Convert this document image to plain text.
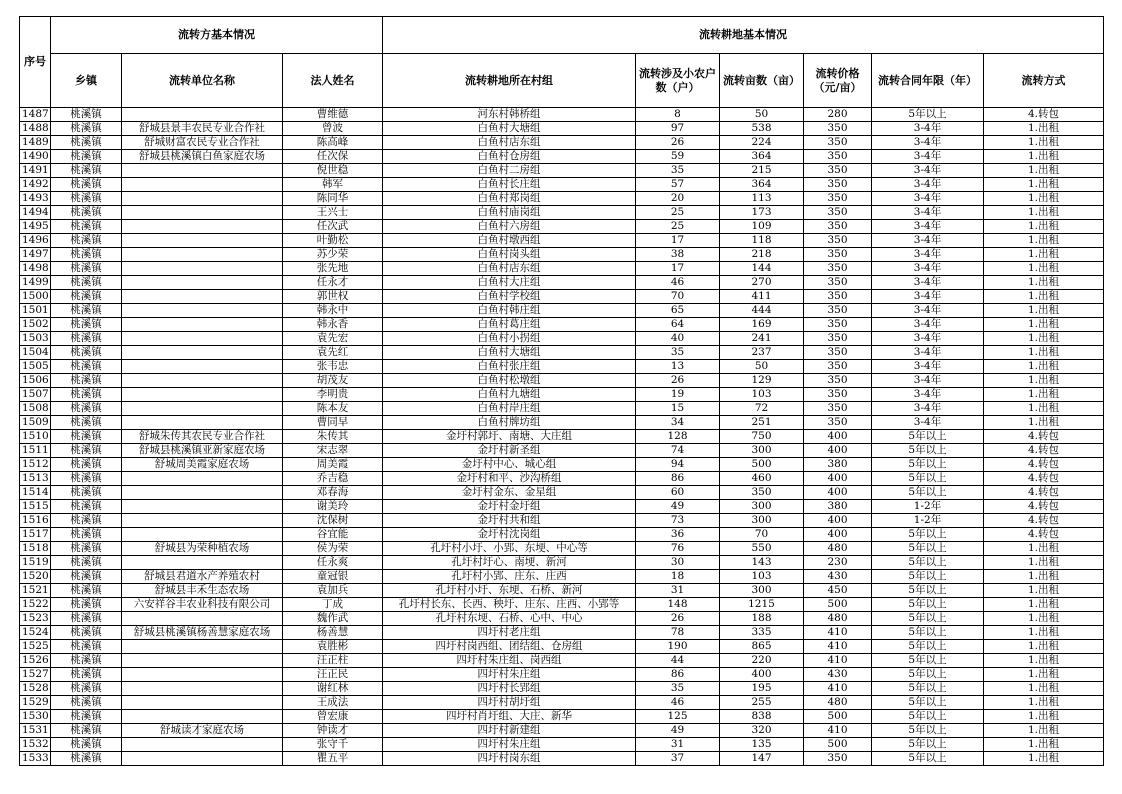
序号	流转方基本情况			流转耕地基本情况					
	乡镇	流转单位名称	法人姓名	流转耕地所在村组	流转涉及小农户数（户）	流转亩数（亩）	流转价格（元/亩）	流转合同年限（年）	流转方式
1487	桃溪镇		曹维德	河东村韩桥组	8	50	280	5年以上	4.转包
1488	桃溪镇	舒城县景丰农民专业合作社	曾波	白鱼村大塘组	97	538	350	3-4年	1.出租
1489	桃溪镇	舒城财富农民专业合作社	陈高峰	白鱼村店东组	26	224	350	3-4年	1.出租
1490	桃溪镇	舒城县桃溪镇白鱼家庭农场	任次保	白鱼村仓房组	59	364	350	3-4年	1.出租
1491	桃溪镇		倪世稳	白鱼村二房组	35	215	350	3-4年	1.出租
1492	桃溪镇		韩军	白鱼村长庄组	57	364	350	3-4年	1.出租
1493	桃溪镇		陈同华	白鱼村郑岗组	20	113	350	3-4年	1.出租
1494	桃溪镇		王兴士	白鱼村庙岗组	25	173	350	3-4年	1.出租
1495	桃溪镇		任次武	白鱼村六房组	25	109	350	3-4年	1.出租
1496	桃溪镇		叶勤松	白鱼村墩西组	17	118	350	3-4年	1.出租
1497	桃溪镇		苏少荣	白鱼村岗头组	38	218	350	3-4年	1.出租
1498	桃溪镇		张先地	白鱼村店东组	17	144	350	3-4年	1.出租
1499	桃溪镇		任永才	白鱼村大庄组	46	270	350	3-4年	1.出租
1500	桃溪镇		郭世权	白鱼村学校组	70	411	350	3-4年	1.出租
1501	桃溪镇		韩永中	白鱼村韩庄组	65	444	350	3-4年	1.出租
1502	桃溪镇		韩永香	白鱼村葛庄组	64	169	350	3-4年	1.出租
1503	桃溪镇		袁先宏	白鱼村小拐组	40	241	350	3-4年	1.出租
1504	桃溪镇		袁先红	白鱼村大塘组	35	237	350	3-4年	1.出租
1505	桃溪镇		张韦忠	白鱼村张庄组	13	50	350	3-4年	1.出租
1506	桃溪镇		胡茂友	白鱼村松墩组	26	129	350	3-4年	1.出租
1507	桃溪镇		李明贵	白鱼村九塘组	19	103	350	3-4年	1.出租
1508	桃溪镇		陈本友	白鱼村岸庄组	15	72	350	3-4年	1.出租
1509	桃溪镇		曹同早	白鱼村牌坊组	34	251	350	3-4年	1.出租
1510	桃溪镇	舒城朱传其农民专业合作社	朱传其	金圩村郭圩、南塘、大庄组	128	750	400	5年以上	4.转包
1511	桃溪镇	舒城县桃溪镇亚新家庭农场	宋志翠	金圩村新圣组	74	300	400	5年以上	4.转包
1512	桃溪镇	舒城周美霞家庭农场	周美霞	金圩村中心、城心组	94	500	380	5年以上	4.转包
1513	桃溪镇		乔吉稳	金圩村和平、沙沟桥组	86	460	400	5年以上	4.转包
1514	桃溪镇		邓春海	金圩村金东、金星组	60	350	400	5年以上	4.转包
1515	桃溪镇		谢美玲	金圩村金圩组	49	300	380	1-2年	4.转包
1516	桃溪镇		沈保树	金圩村共和组	73	300	400	1-2年	4.转包
1517	桃溪镇		谷宜能	金圩村沈岗组	36	70	400	5年以上	4.转包
1518	桃溪镇	舒城县为荣种植农场	侯为荣	孔圩村小圩、小郢、东埂、中心等	76	550	480	5年以上	1.出租
1519	桃溪镇		任永爽	孔圩村圩心、南埂、新河	30	143	230	5年以上	1.出租
1520	桃溪镇	舒城县君道水产养殖农村	童冠银	孔圩村小郢、庄东、庄西	18	103	430	5年以上	1.出租
1521	桃溪镇	舒城县丰禾生态农场	袁加兵	孔圩村小圩、东埂、石桥、新河	31	300	450	5年以上	1.出租
1522	桃溪镇	六安祥谷丰农业科技有限公司	丁成	孔圩村长东、长西、秧圩、庄东、庄西、小郢等	148	1215	500	5年以上	1.出租
1523	桃溪镇		魏作武	孔圩村东埂、石桥、心中、中心	26	188	480	5年以上	1.出租
1524	桃溪镇	舒城县桃溪镇杨善慧家庭农场	杨善慧	四圩村老庄组	78	335	410	5年以上	1.出租
1525	桃溪镇		袁胜彬	四圩村岗西组、团结组、仓房组	190	865	410	5年以上	1.出租
1526	桃溪镇		汪正柱	四圩村朱庄组、岗西组	44	220	410	5年以上	1.出租
1527	桃溪镇		汪正民	四圩村朱庄组	86	400	430	5年以上	1.出租
1528	桃溪镇		谢红林	四圩村长郢组	35	195	410	5年以上	1.出租
1529	桃溪镇		王成法	四圩村胡圩组	46	255	480	5年以上	1.出租
1530	桃溪镇		曾宏康	四圩村肖圩组、大庄、新华	125	838	500	5年以上	1.出租
1531	桃溪镇	舒城读才家庭农场	钟读才	四圩村新建组	49	320	410	5年以上	1.出租
1532	桃溪镇		张守千	四圩村朱庄组	31	135	500	5年以上	1.出租
1533	桃溪镇		瞿五平	四圩村岗东组	37	147	350	5年以上	1.出租
